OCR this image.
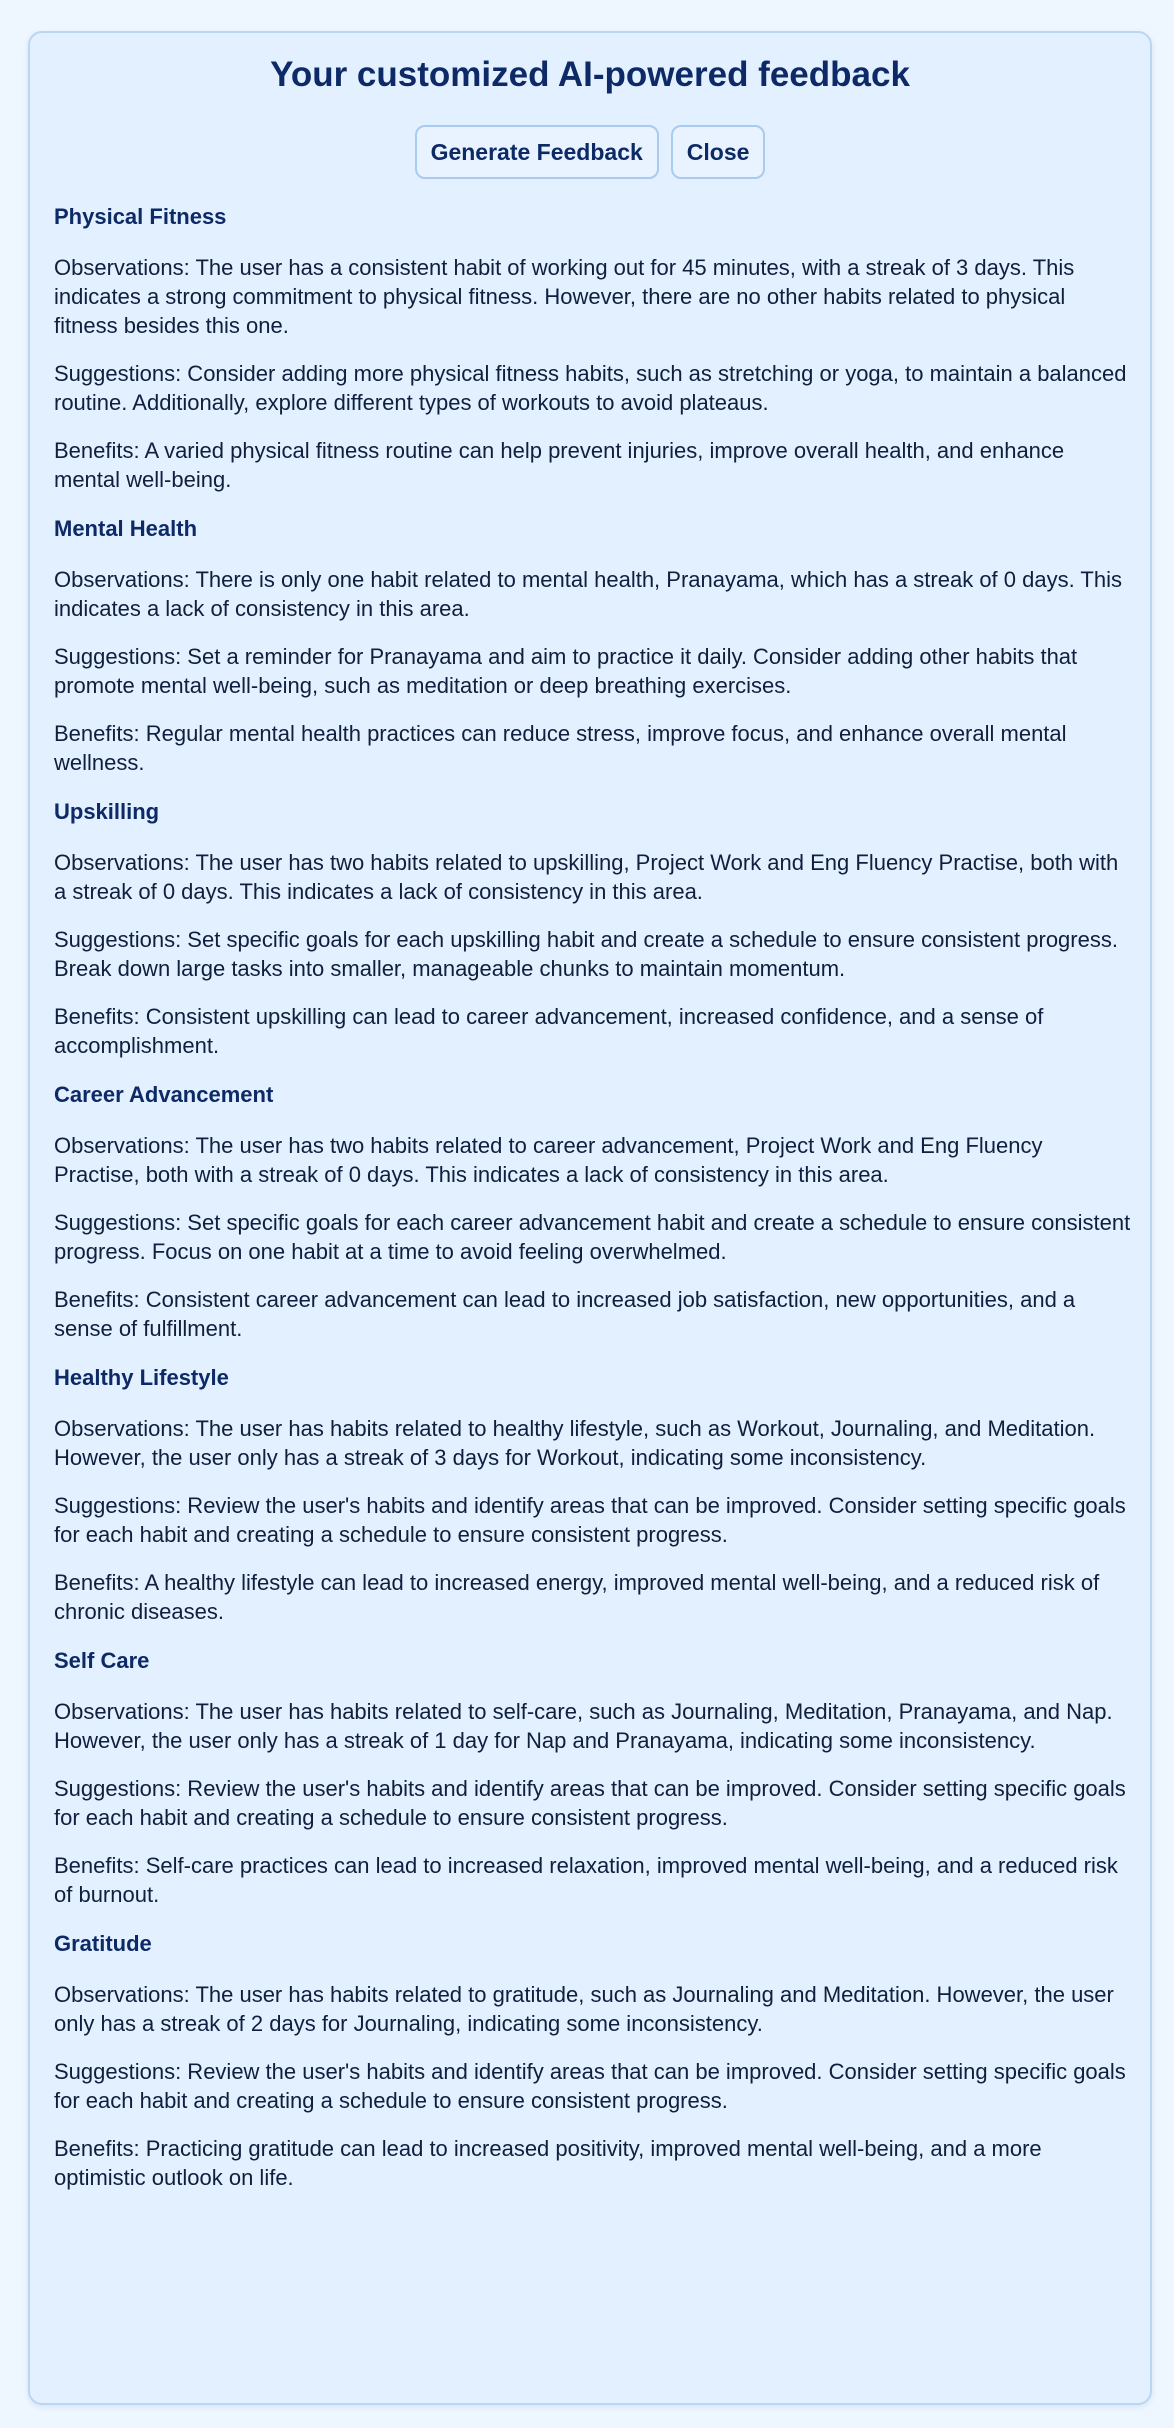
Your customized AI-powered feedback
Generate Feedback	Close
Physical Fitness

Observations: The user has a consistent habit of working out for 45 minutes, with a streak of 3 days. This indicates a strong commitment to physical fitness. However, there are no other habits related to physical fitness besides this one.

Suggestions: Consider adding more physical fitness habits, such as stretching or yoga, to maintain a balanced routine. Additionally, explore different types of workouts to avoid plateaus.

Benefits: A varied physical fitness routine can help prevent injuries, improve overall health, and enhance mental well-being.

Mental Health

Observations: There is only one habit related to mental health, Pranayama, which has a streak of 0 days. This indicates a lack of consistency in this area.

Suggestions: Set a reminder for Pranayama and aim to practice it daily. Consider adding other habits that promote mental well-being, such as meditation or deep breathing exercises.

Benefits: Regular mental health practices can reduce stress, improve focus, and enhance overall mental wellness.

Upskilling

Observations: The user has two habits related to upskilling, Project Work and Eng Fluency Practise, both with a streak of 0 days. This indicates a lack of consistency in this area.

Suggestions: Set specific goals for each upskilling habit and create a schedule to ensure consistent progress. Break down large tasks into smaller, manageable chunks to maintain momentum.

Benefits: Consistent upskilling can lead to career advancement, increased confidence, and a sense of accomplishment.

Career Advancement

Observations: The user has two habits related to career advancement, Project Work and Eng Fluency Practise, both with a streak of 0 days. This indicates a lack of consistency in this area.

Suggestions: Set specific goals for each career advancement habit and create a schedule to ensure consistent progress. Focus on one habit at a time to avoid feeling overwhelmed.

Benefits: Consistent career advancement can lead to increased job satisfaction, new opportunities, and a sense of fulfillment.

Healthy Lifestyle

Observations: The user has habits related to healthy lifestyle, such as Workout, Journaling, and Meditation. However, the user only has a streak of 3 days for Workout, indicating some inconsistency.

Suggestions: Review the user's habits and identify areas that can be improved. Consider setting specific goals for each habit and creating a schedule to ensure consistent progress.

Benefits: A healthy lifestyle can lead to increased energy, improved mental well-being, and a reduced risk of chronic diseases.

Self Care

Observations: The user has habits related to self-care, such as Journaling, Meditation, Pranayama, and Nap. However, the user only has a streak of 1 day for Nap and Pranayama, indicating some inconsistency.

Suggestions: Review the user's habits and identify areas that can be improved. Consider setting specific goals for each habit and creating a schedule to ensure consistent progress.

Benefits: Self-care practices can lead to increased relaxation, improved mental well-being, and a reduced risk of burnout.

Gratitude

Observations: The user has habits related to gratitude, such as Journaling and Meditation. However, the user only has a streak of 2 days for Journaling, indicating some inconsistency.

Suggestions: Review the user's habits and identify areas that can be improved. Consider setting specific goals for each habit and creating a schedule to ensure consistent progress.

Benefits: Practicing gratitude can lead to increased positivity, improved mental well-being, and a more optimistic outlook on life.
